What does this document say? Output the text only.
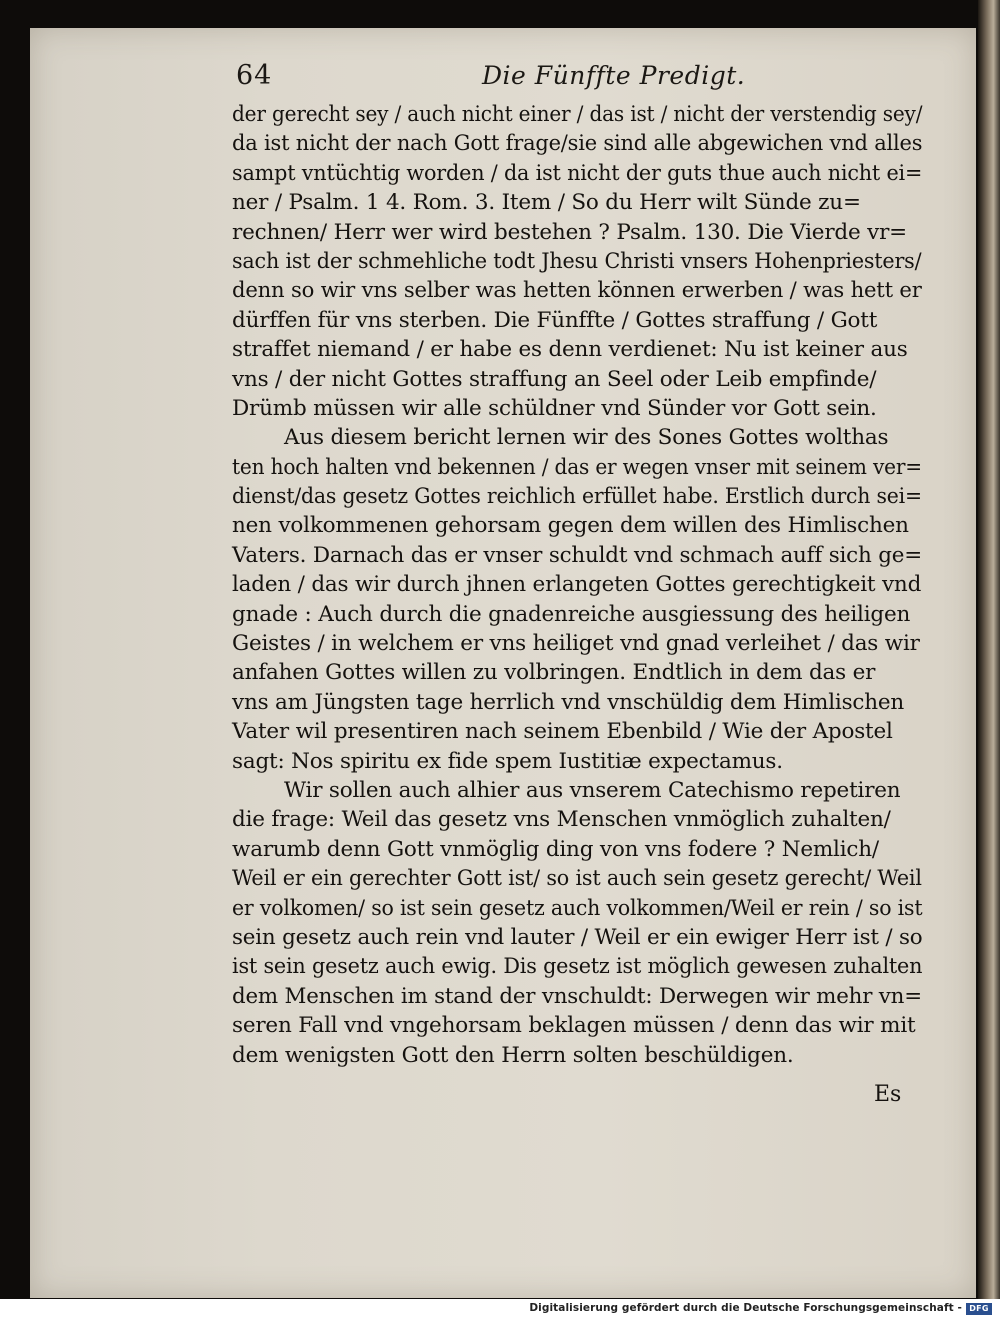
64	Die Fünffte Predigt.
der gerecht sey / auch nicht einer / das ist / nicht der verstendig sey/
da ist nicht der nach Gott frage/sie sind alle abgewichen vnd alles
sampt vntüchtig worden / da ist nicht der guts thue auch nicht ei=
ner / Psalm. 1 4. Rom. 3. Item / So du Herr wilt Sünde zu=
rechnen/ Herr wer wird bestehen ? Psalm. 130. Die Vierde vr=
sach ist der schmehliche todt Jhesu Christi vnsers Hohenpriesters/
denn so wir vns selber was hetten können erwerben / was hett er
dürffen für vns sterben. Die Fünffte / Gottes straffung / Gott
straffet niemand / er habe es denn verdienet: Nu ist keiner aus
vns / der nicht Gottes straffung an Seel oder Leib empfinde/
Drümb müssen wir alle schüldner vnd Sünder vor Gott sein.
Aus diesem bericht lernen wir des Sones Gottes wolthas
ten hoch halten vnd bekennen / das er wegen vnser mit seinem ver=
dienst/das gesetz Gottes reichlich erfüllet habe. Erstlich durch sei=
nen volkommenen gehorsam gegen dem willen des Himlischen
Vaters. Darnach das er vnser schuldt vnd schmach auff sich ge=
laden / das wir durch jhnen erlangeten Gottes gerechtigkeit vnd
gnade : Auch durch die gnadenreiche ausgiessung des heiligen
Geistes / in welchem er vns heiliget vnd gnad verleihet / das wir
anfahen Gottes willen zu volbringen. Endtlich in dem das er
vns am Jüngsten tage herrlich vnd vnschüldig dem Himlischen
Vater wil presentiren nach seinem Ebenbild / Wie der Apostel
sagt: Nos spiritu ex fide spem Iustitiæ expectamus.
Wir sollen auch alhier aus vnserem Catechismo repetiren
die frage: Weil das gesetz vns Menschen vnmöglich zuhalten/
warumb denn Gott vnmöglig ding von vns fodere ? Nemlich/
Weil er ein gerechter Gott ist/ so ist auch sein gesetz gerecht/ Weil
er volkomen/ so ist sein gesetz auch volkommen/Weil er rein / so ist
sein gesetz auch rein vnd lauter / Weil er ein ewiger Herr ist / so
ist sein gesetz auch ewig. Dis gesetz ist möglich gewesen zuhalten
dem Menschen im stand der vnschuldt: Derwegen wir mehr vn=
seren Fall vnd vngehorsam beklagen müssen / denn das wir mit
dem wenigsten Gott den Herrn solten beschüldigen.
Es
Digitalisierung gefördert durch die Deutsche Forschungsgemeinschaft - DFG
